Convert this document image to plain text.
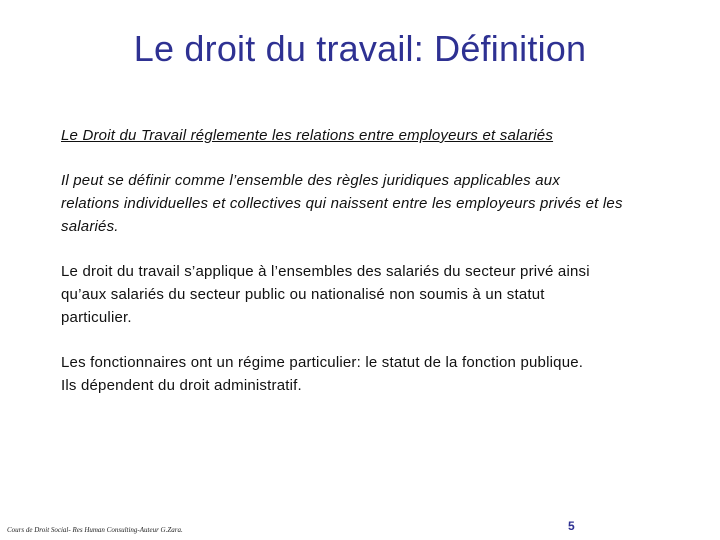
Le droit du travail: Définition

Le Droit du Travail réglemente les relations entre employeurs et salariés

Il peut se définir comme l’ensemble des règles juridiques applicables aux
relations individuelles et collectives qui naissent entre les employeurs privés et les
salariés.

Le droit du travail s’applique à l’ensembles des salariés du secteur privé ainsi
qu’aux salariés du secteur public ou nationalisé non soumis à un statut
particulier.

Les fonctionnaires ont un régime particulier: le statut de la fonction publique.
Ils dépendent du droit administratif.

Cours de Droit Social- Res Human Consulting-Auteur G.Zara.	5
